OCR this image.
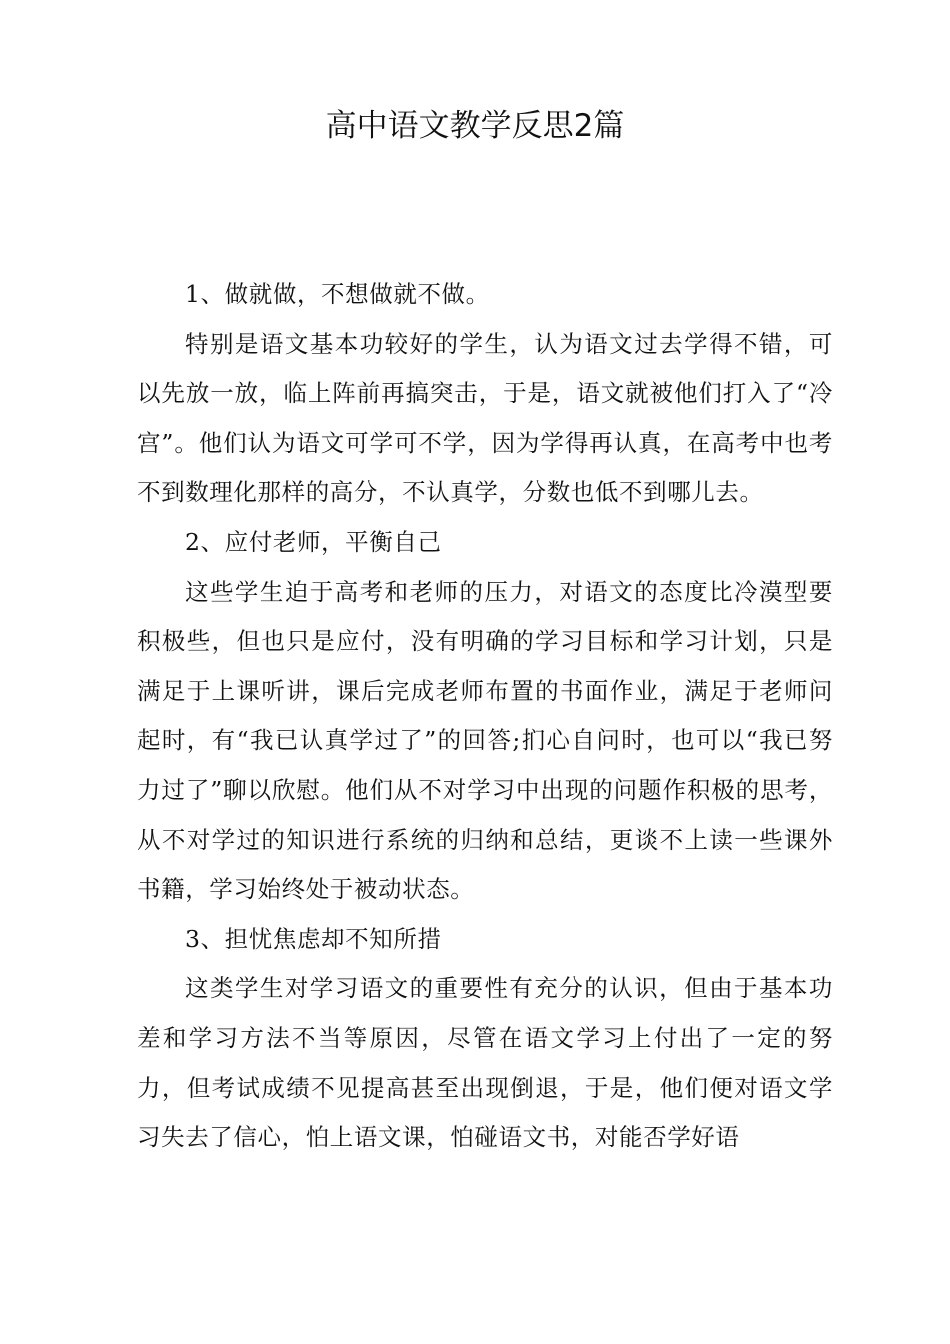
高中语文教学反思2篇

1、做就做，不想做就不做。

特别是语文基本功较好的学生，认为语文过去学得不错，可以先放一放，临上阵前再搞突击，于是，语文就被他们打入了“冷宫”。他们认为语文可学可不学，因为学得再认真，在高考中也考不到数理化那样的高分，不认真学，分数也低不到哪儿去。

2、应付老师，平衡自己

这些学生迫于高考和老师的压力，对语文的态度比冷漠型要积极些，但也只是应付，没有明确的学习目标和学习计划，只是满足于上课听讲，课后完成老师布置的书面作业，满足于老师问起时，有“我已认真学过了”的回答;扪心自问时，也可以“我已努力过了”聊以欣慰。他们从不对学习中出现的问题作积极的思考，从不对学过的知识进行系统的归纳和总结，更谈不上读一些课外书籍，学习始终处于被动状态。

3、担忧焦虑却不知所措

这类学生对学习语文的重要性有充分的认识，但由于基本功差和学习方法不当等原因，尽管在语文学习上付出了一定的努力，但考试成绩不见提高甚至出现倒退，于是，他们便对语文学习失去了信心，怕上语文课，怕碰语文书，对能否学好语
